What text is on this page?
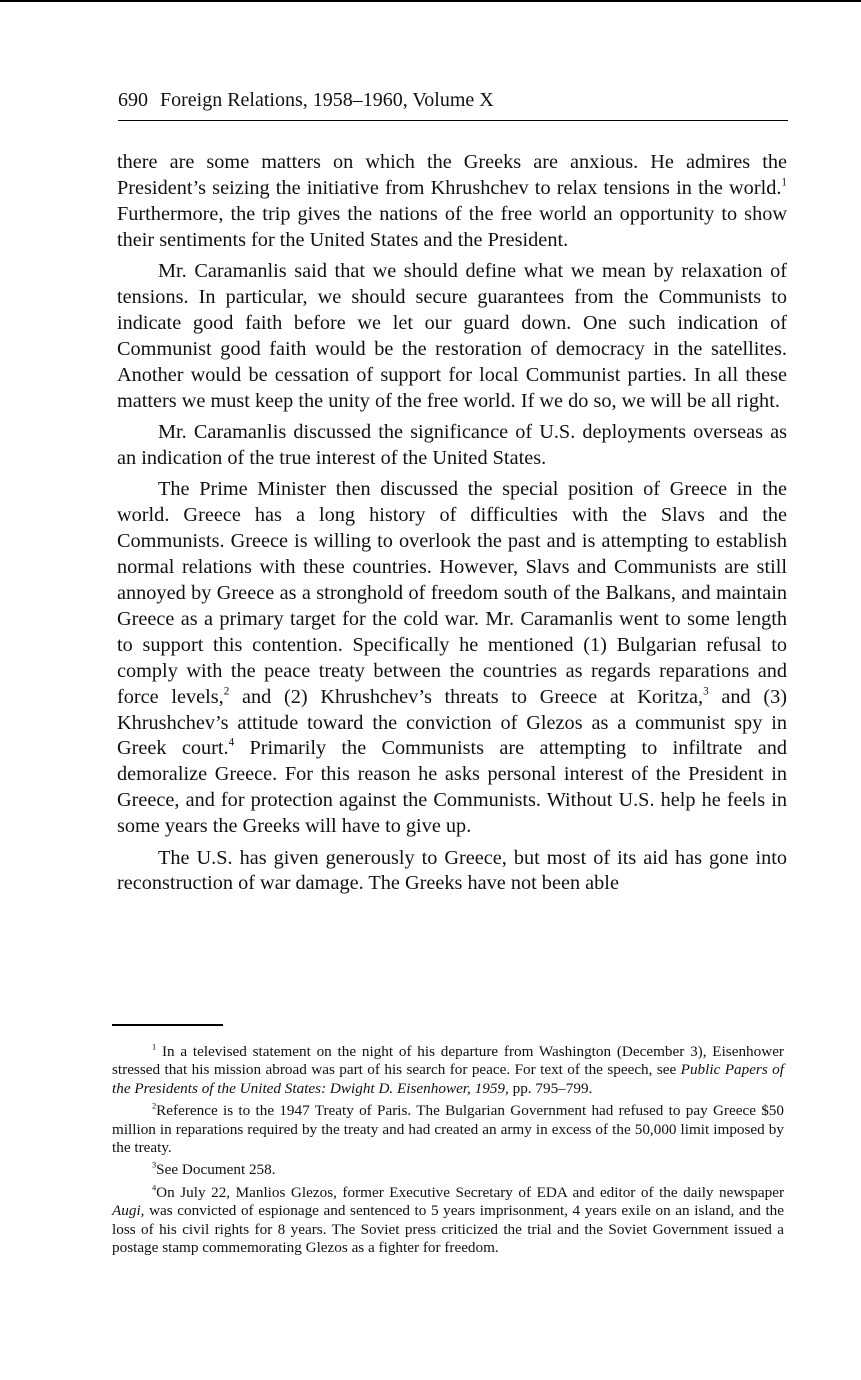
690 Foreign Relations, 1958–1960, Volume X

there are some matters on which the Greeks are anxious. He admires the President’s seizing the initiative from Khrushchev to relax tensions in the world.$^1$ Furthermore, the trip gives the nations of the free world an opportunity to show their sentiments for the United States and the President.

Mr. Caramanlis said that we should define what we mean by relaxation of tensions. In particular, we should secure guarantees from the Communists to indicate good faith before we let our guard down. One such indication of Communist good faith would be the restoration of democracy in the satellites. Another would be cessation of support for local Communist parties. In all these matters we must keep the unity of the free world. If we do so, we will be all right.

Mr. Caramanlis discussed the significance of U.S. deployments overseas as an indication of the true interest of the United States.

The Prime Minister then discussed the special position of Greece in the world. Greece has a long history of difficulties with the Slavs and the Communists. Greece is willing to overlook the past and is attempting to establish normal relations with these countries. However, Slavs and Communists are still annoyed by Greece as a stronghold of freedom south of the Balkans, and maintain Greece as a primary target for the cold war. Mr. Caramanlis went to some length to support this contention. Specifically he mentioned (1) Bulgarian refusal to comply with the peace treaty between the countries as regards reparations and force levels,$^2$ and (2) Khrushchev’s threats to Greece at Koritza,$^3$ and (3) Khrushchev’s attitude toward the conviction of Glezos as a communist spy in Greek court.$^4$ Primarily the Communists are attempting to infiltrate and demoralize Greece. For this reason he asks personal interest of the President in Greece, and for protection against the Communists. Without U.S. help he feels in some years the Greeks will have to give up.

The U.S. has given generously to Greece, but most of its aid has gone into reconstruction of war damage. The Greeks have not been able

$^1$ In a televised statement on the night of his departure from Washington (December 3), Eisenhower stressed that his mission abroad was part of his search for peace. For text of the speech, see Public Papers of the Presidents of the United States: Dwight D. Eisenhower, 1959, pp. 795–799.

$^2$Reference is to the 1947 Treaty of Paris. The Bulgarian Government had refused to pay Greece $50 million in reparations required by the treaty and had created an army in excess of the 50,000 limit imposed by the treaty.

$^3$See Document 258.

$^4$On July 22, Manlios Glezos, former Executive Secretary of EDA and editor of the daily newspaper Augi, was convicted of espionage and sentenced to 5 years imprisonment, 4 years exile on an island, and the loss of his civil rights for 8 years. The Soviet press criticized the trial and the Soviet Government issued a postage stamp commemorating Glezos as a fighter for freedom.
